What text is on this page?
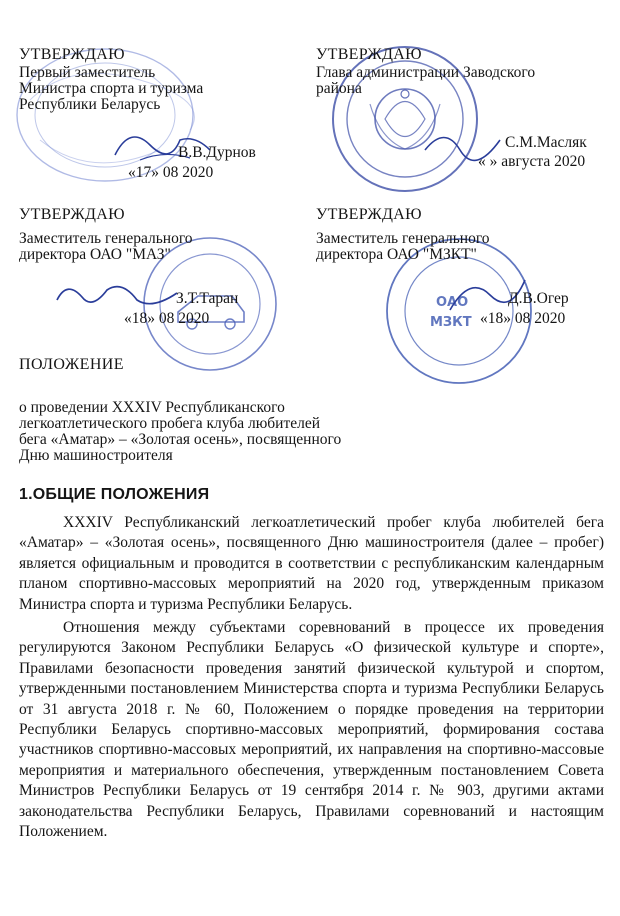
ОАО
МЗКТ
УТВЕРЖДАЮ
Первый заместитель
Министра спорта и туризма
Республики Беларусь
В.В.Дурнов
«17» 08 2020
УТВЕРЖДАЮ
Глава администрации Заводского
района
С.М.Масляк
« » августа 2020
УТВЕРЖДАЮ
Заместитель генерального
директора ОАО "МАЗ"
З.Т.Таран
«18» 08 2020
УТВЕРЖДАЮ
Заместитель генерального
директора ОАО "МЗКТ"
Д.В.Огер
«18» 08 2020
ПОЛОЖЕНИЕ
о проведении XXXIV Республиканского
легкоатлетического пробега клуба любителей
бега «Аматар» – «Золотая осень», посвященного
Дню машиностроителя
1.ОБЩИЕ ПОЛОЖЕНИЯ

XXXIV Республиканский легкоатлетический пробег клуба любителей бега «Аматар» – «Золотая осень», посвященного Дню машиностроителя (далее – пробег) является официальным и проводится в соответствии с республиканским календарным планом спортивно-массовых мероприятий на 2020 год, утвержденным приказом Министра спорта и туризма Республики Беларусь.

Отношения между субъектами соревнований в процессе их проведения регулируются Законом Республики Беларусь «О физической культуре и спорте», Правилами безопасности проведения занятий физической культурой и спортом, утвержденными постановлением Министерства спорта и туризма Республики Беларусь от 31 августа 2018 г. № 60, Положением о порядке проведения на территории Республики Беларусь спортивно-массовых мероприятий, формирования состава участников спортивно-массовых мероприятий, их направления на спортивно-массовые мероприятия и материального обеспечения, утвержденным постановлением Совета Министров Республики Беларусь от 19 сентября 2014 г. № 903, другими актами законодательства Республики Беларусь, Правилами соревнований и настоящим Положением.
